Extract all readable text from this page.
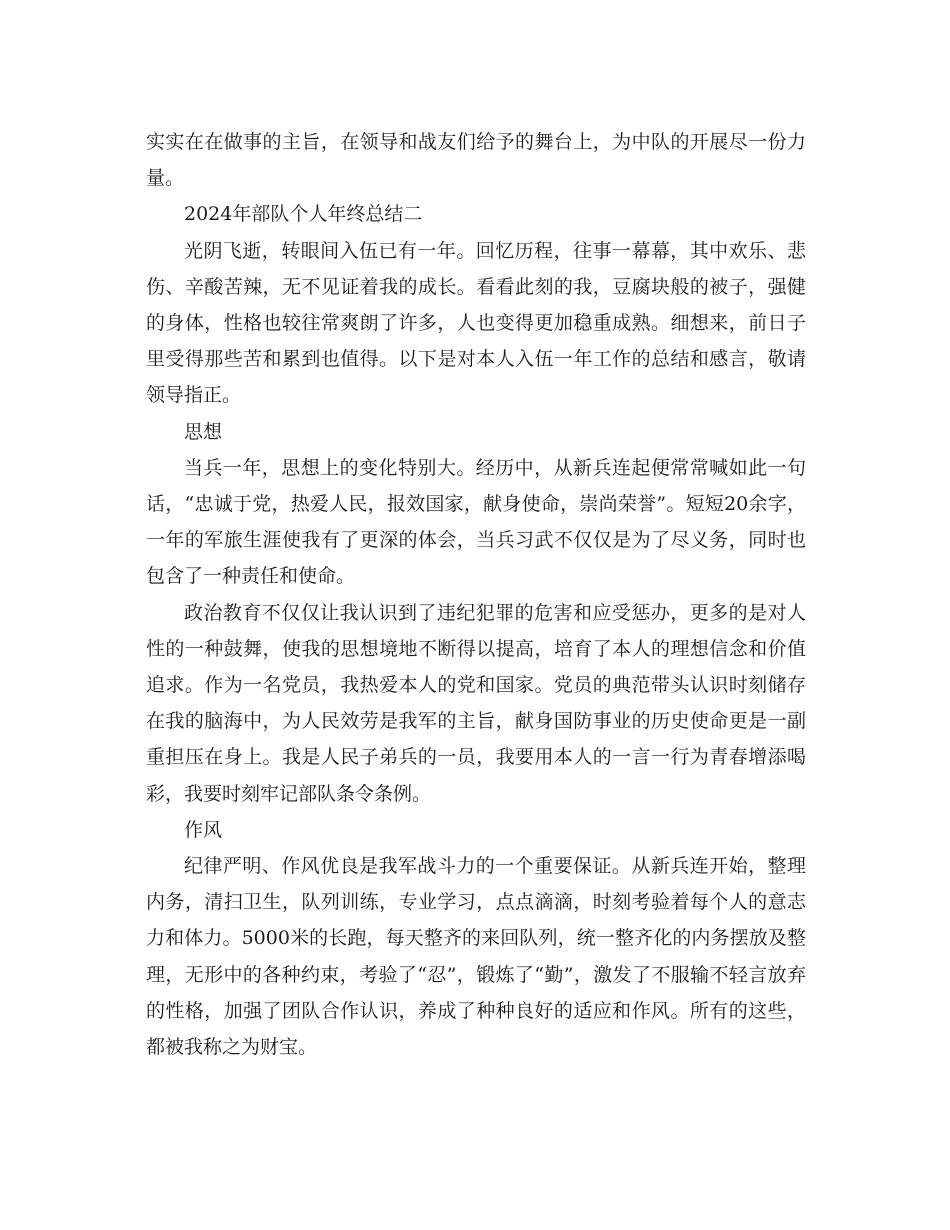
实实在在做事的主旨，在领导和战友们给予的舞台上，为中队的开展尽一份力量。

2024年部队个人年终总结二

光阴飞逝，转眼间入伍已有一年。回忆历程，往事一幕幕，其中欢乐、悲伤、辛酸苦辣，无不见证着我的成长。看看此刻的我，豆腐块般的被子，强健的身体，性格也较往常爽朗了许多，人也变得更加稳重成熟。细想来，前日子里受得那些苦和累到也值得。以下是对本人入伍一年工作的总结和感言，敬请领导指正。

思想

当兵一年，思想上的变化特别大。经历中，从新兵连起便常常喊如此一句话，“忠诚于党，热爱人民，报效国家，献身使命，崇尚荣誉”。短短20余字，一年的军旅生涯使我有了更深的体会，当兵习武不仅仅是为了尽义务，同时也包含了一种责任和使命。

政治教育不仅仅让我认识到了违纪犯罪的危害和应受惩办，更多的是对人性的一种鼓舞，使我的思想境地不断得以提高，培育了本人的理想信念和价值追求。作为一名党员，我热爱本人的党和国家。党员的典范带头认识时刻储存在我的脑海中，为人民效劳是我军的主旨，献身国防事业的历史使命更是一副重担压在身上。我是人民子弟兵的一员，我要用本人的一言一行为青春增添喝彩，我要时刻牢记部队条令条例。

作风

纪律严明、作风优良是我军战斗力的一个重要保证。从新兵连开始，整理内务，清扫卫生，队列训练，专业学习，点点滴滴，时刻考验着每个人的意志力和体力。5000米的长跑，每天整齐的来回队列，统一整齐化的内务摆放及整理，无形中的各种约束，考验了“忍”，锻炼了“勤”，激发了不服输不轻言放弃的性格，加强了团队合作认识，养成了种种良好的适应和作风。所有的这些，都被我称之为财宝。
